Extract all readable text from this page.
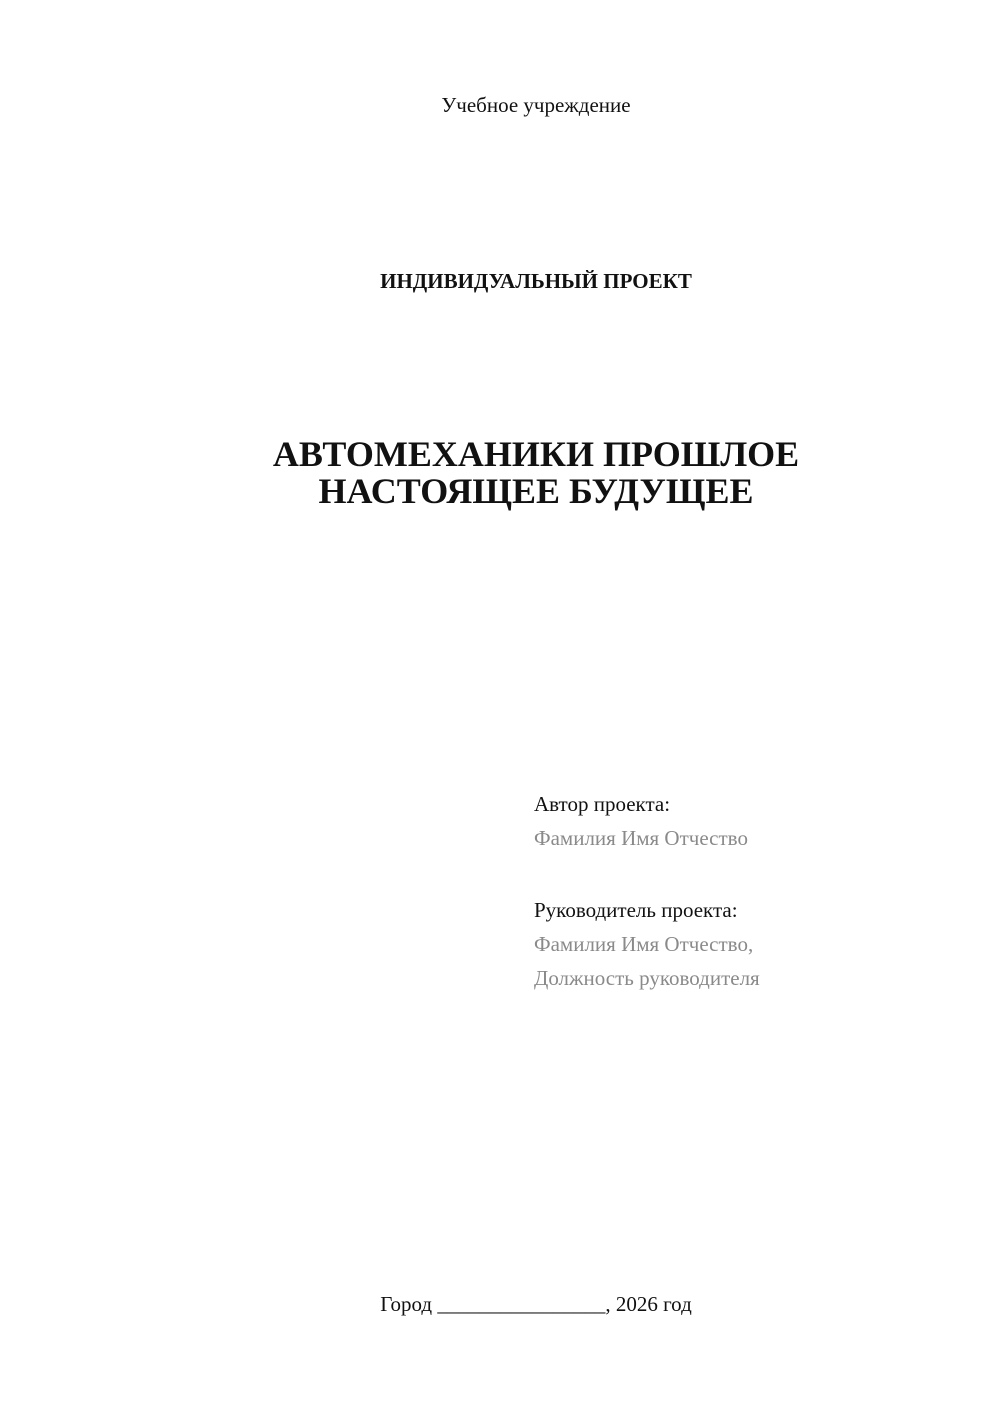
Учебное учреждение
ИНДИВИДУАЛЬНЫЙ ПРОЕКТ
АВТОМЕХАНИКИ ПРОШЛОЕ
НАСТОЯЩЕЕ БУДУЩЕЕ
Автор проекта:
Фамилия Имя Отчество
Руководитель проекта:
Фамилия Имя Отчество,
Должность руководителя
Город ________________, 2026 год
